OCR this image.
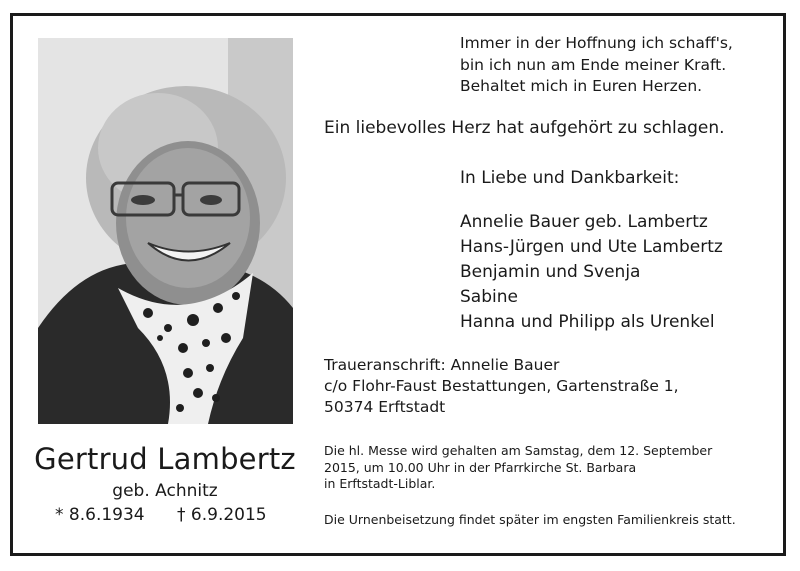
Gertrud Lambertz
geb. Achnitz
* 8.6.1934 † 6.9.2015
Immer in der Hoffnung ich schaff's,
bin ich nun am Ende meiner Kraft.
Behaltet mich in Euren Herzen.
Ein liebevolles Herz hat aufgehört zu schlagen.
In Liebe und Dankbarkeit:
Annelie Bauer geb. Lambertz
Hans-Jürgen und Ute Lambertz
Benjamin und Svenja
Sabine
Hanna und Philipp als Urenkel
Traueranschrift: Annelie Bauer
c/o Flohr-Faust Bestattungen, Gartenstraße 1,
50374 Erftstadt
Die hl. Messe wird gehalten am Samstag, dem 12. September
2015, um 10.00 Uhr in der Pfarrkirche St. Barbara
in Erftstadt-Liblar.
Die Urnenbeisetzung findet später im engsten Familienkreis statt.
